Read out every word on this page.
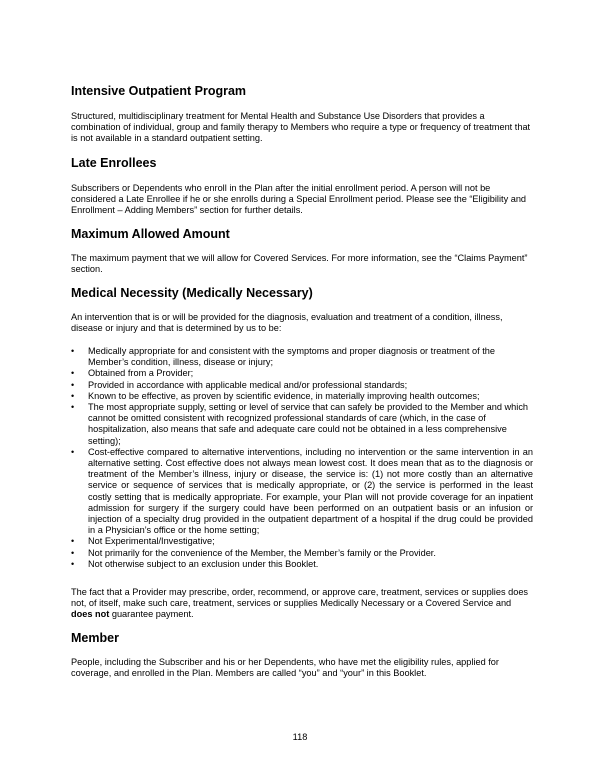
Intensive Outpatient Program

Structured, multidisciplinary treatment for Mental Health and Substance Use Disorders that provides a combination of individual, group and family therapy to Members who require a type or frequency of treatment that is not available in a standard outpatient setting.

Late Enrollees

Subscribers or Dependents who enroll in the Plan after the initial enrollment period. A person will not be considered a Late Enrollee if he or she enrolls during a Special Enrollment period. Please see the “Eligibility and Enrollment – Adding Members” section for further details.

Maximum Allowed Amount

The maximum payment that we will allow for Covered Services. For more information, see the “Claims Payment” section.

Medical Necessity (Medically Necessary)

An intervention that is or will be provided for the diagnosis, evaluation and treatment of a condition, illness, disease or injury and that is determined by us to be:

• Medically appropriate for and consistent with the symptoms and proper diagnosis or treatment of the Member’s condition, illness, disease or injury;
• Obtained from a Provider;
• Provided in accordance with applicable medical and/or professional standards;
• Known to be effective, as proven by scientific evidence, in materially improving health outcomes;
• The most appropriate supply, setting or level of service that can safely be provided to the Member and which cannot be omitted consistent with recognized professional standards of care (which, in the case of hospitalization, also means that safe and adequate care could not be obtained in a less comprehensive setting);
• Cost-effective compared to alternative interventions, including no intervention or the same intervention in an alternative setting. Cost effective does not always mean lowest cost. It does mean that as to the diagnosis or treatment of the Member’s illness, injury or disease, the service is: (1) not more costly than an alternative service or sequence of services that is medically appropriate, or (2) the service is performed in the least costly setting that is medically appropriate. For example, your Plan will not provide coverage for an inpatient admission for surgery if the surgery could have been performed on an outpatient basis or an infusion or injection of a specialty drug provided in the outpatient department of a hospital if the drug could be provided in a Physician’s office or the home setting;
• Not Experimental/Investigative;
• Not primarily for the convenience of the Member, the Member’s family or the Provider.
• Not otherwise subject to an exclusion under this Booklet.

The fact that a Provider may prescribe, order, recommend, or approve care, treatment, services or supplies does not, of itself, make such care, treatment, services or supplies Medically Necessary or a Covered Service and does not guarantee payment.

Member

People, including the Subscriber and his or her Dependents, who have met the eligibility rules, applied for coverage, and enrolled in the Plan. Members are called “you” and “your” in this Booklet.

118
